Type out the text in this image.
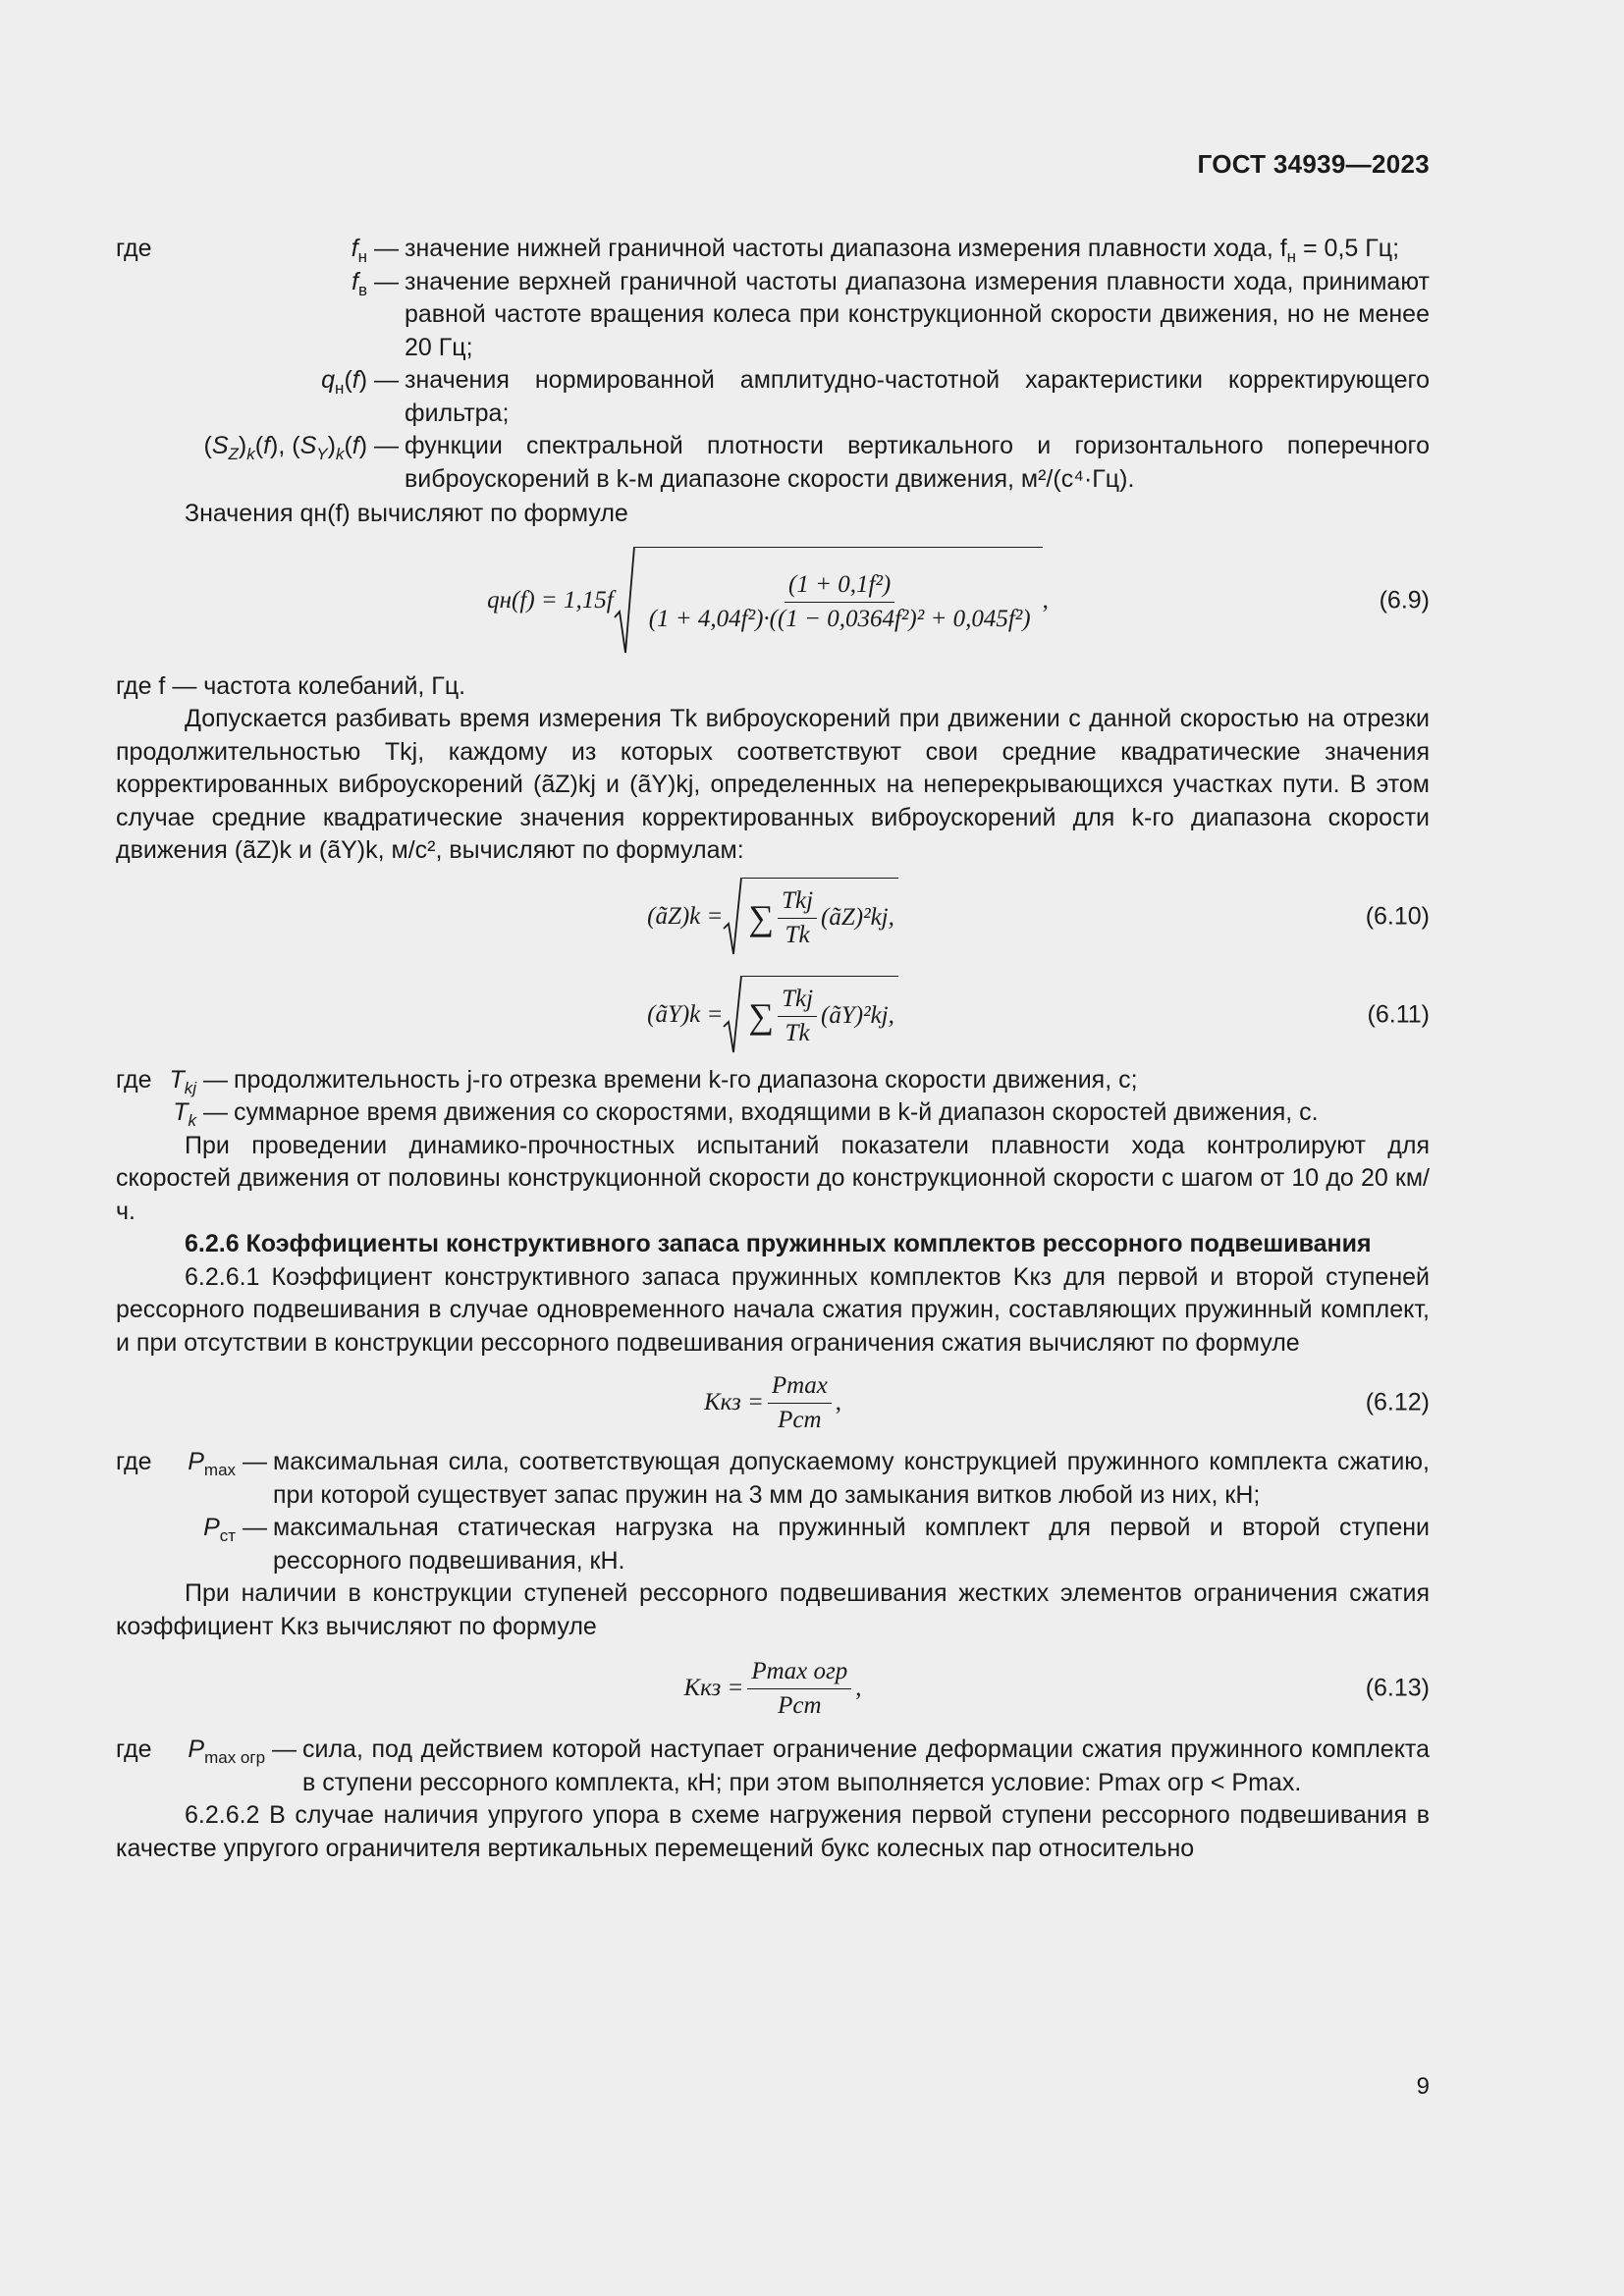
ГОСТ 34939—2023
где	$f_н$ — значение нижней граничной частоты диапазона измерения плавности хода, $f_н = 0,5$ Гц;
$f_в$ — значение верхней граничной частоты диапазона измерения плавности хода, принимают равной частоте вращения колеса при конструкционной скорости движения, но не менее 20 Гц;
$q_н(f)$ — значения нормированной амплитудно-частотной характеристики корректирующего фильтра;
$(S_Z)_k(f)$, $(S_Y)_k(f)$ — функции спектральной плотности вертикального и горизонтального поперечного виброускорений в k-м диапазоне скорости движения, м²/(с⁴·Гц).

Значения qн(f) вычисляют по формуле

$qн(f) = 1,15f \frac{\text{(1 + 0,1f²)}}{\text{(1 + 4,04f²)·((1 − 0,0364f²)² + 0,045f²)}}$ ,	(6.9)

где f — частота колебаний, Гц.

Допускается разбивать время измерения Tk виброускорений при движении с данной скоростью на отрезки продолжительностью Tkj, каждому из которых соответствуют свои средние квадратические значения корректированных виброускорений (ãZ)kj и (ãY)kj, определенных на неперекрывающихся участках пути. В этом случае средние квадратические значения корректированных виброускорений для k-го диапазона скорости движения (ãZ)k и (ãY)k, м/с², вычисляют по формулам:

(ãZ)k = ∑ Tkj
Tk
(ãZ)²kj,	(6.10)
(ãY)k = ∑ Tkj
Tk
(ãY)²kj,	(6.11)
где $T_{kj}$ — продолжительность j-го отрезка времени k-го диапазона скорости движения, с;
$T_k$ — суммарное время движения со скоростями, входящими в k-й диапазон скоростей движения, с.

При проведении динамико-прочностных испытаний показатели плавности хода контролируют для скоростей движения от половины конструкционной скорости до конструкционной скорости с шагом от 10 до 20 км/ч.

6.2.6 Коэффициенты конструктивного запаса пружинных комплектов рессорного подвешивания

6.2.6.1 Коэффициент конструктивного запаса пружинных комплектов Kкз для первой и второй ступеней рессорного подвешивания в случае одновременного начала сжатия пружин, составляющих пружинный комплект, и при отсутствии в конструкции рессорного подвешивания ограничения сжатия вычисляют по формуле

Kкз =
Pmax
Pст
,	(6.12)
где $P_{max}$ — максимальная сила, соответствующая допускаемому конструкцией пружинного комплекта сжатию, при которой существует запас пружин на 3 мм до замыкания витков любой из них, кН;
$P_{ст}$ — максимальная статическая нагрузка на пружинный комплект для первой и второй ступени рессорного подвешивания, кН.

При наличии в конструкции ступеней рессорного подвешивания жестких элементов ограничения сжатия коэффициент Kкз вычисляют по формуле

Kкз =
Pmax огр
Pст
,	(6.13)
где $P_{max огр}$ — сила, под действием которой наступает ограничение деформации сжатия пружинного комплекта в ступени рессорного комплекта, кН; при этом выполняется условие: Pmax огр < Pmax.

6.2.6.2 В случае наличия упругого упора в схеме нагружения первой ступени рессорного подвешивания в качестве упругого ограничителя вертикальных перемещений букс колесных пар относительно

9
